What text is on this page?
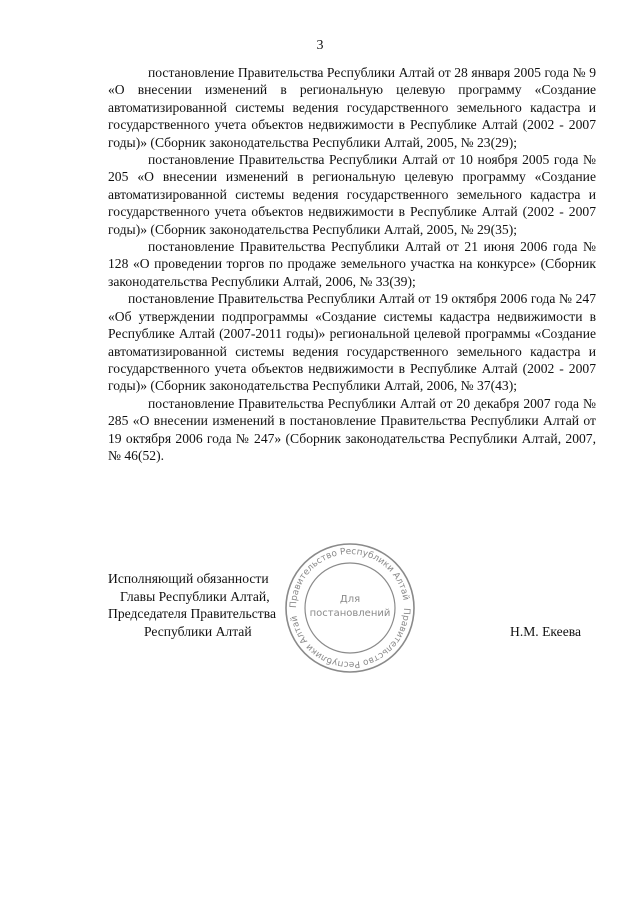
3

постановление Правительства Республики Алтай от 28 января 2005 года № 9 «О внесении изменений в региональную целевую программу «Создание автоматизированной системы ведения государственного земельного кадастра и государственного учета объектов недвижимости в Республике Алтай (2002 - 2007 годы)» (Сборник законодательства Республики Алтай, 2005, № 23(29);

постановление Правительства Республики Алтай от 10 ноября 2005 года № 205 «О внесении изменений в региональную целевую программу «Создание автоматизированной системы ведения государственного земельного кадастра и государственного учета объектов недвижимости в Республике Алтай (2002 - 2007 годы)» (Сборник законодательства Республики Алтай, 2005, № 29(35);

постановление Правительства Республики Алтай от 21 июня 2006 года № 128 «О проведении торгов по продаже земельного участка на конкурсе» (Сборник законодательства Республики Алтай, 2006, № 33(39);

постановление Правительства Республики Алтай от 19 октября 2006 года № 247 «Об утверждении подпрограммы «Создание системы кадастра недвижимости в Республике Алтай (2007-2011 годы)» региональной целевой программы «Создание автоматизированной системы ведения государственного земельного кадастра и государственного учета объектов недвижимости в Республике Алтай (2002 - 2007 годы)» (Сборник законодательства Республики Алтай, 2006, № 37(43);

постановление Правительства Республики Алтай от 20 декабря 2007 года № 285 «О внесении изменений в постановление Правительства Республики Алтай от 19 октября 2006 года № 247» (Сборник законодательства Республики Алтай, 2007, № 46(52).

Исполняющий обязанности
Главы Республики Алтай,
Председателя Правительства
Республики Алтай	Н.М. Екеева
Правительство Республики Алтай
Правительство Республики Алтай
Для
постановлений
